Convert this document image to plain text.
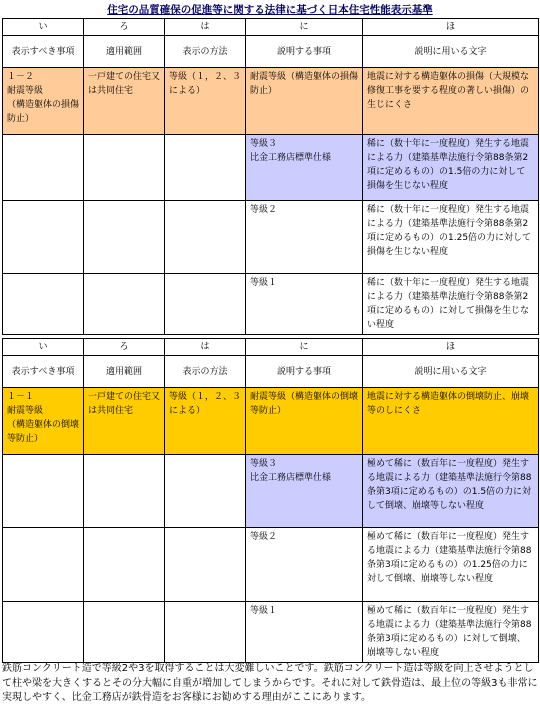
住宅の品質確保の促進等に関する法律に基づく日本住宅性能表示基準
い	ろ	は	に	ほ
表示すべき事項	適用範囲	表示の方法	説明する事項	説明に用いる文字

１－２
耐震等級
（構造躯体の損傷防止）	一戸建ての住宅又は共同住宅	等級（１，２、３による）	耐震等級（構造躯体の損傷防止）	地震に対する構造躯体の損傷（大規模な修復工事を要する程度の著しい損傷）の生じにくさ

			等級３
比金工務店標準仕様	稀に（数十年に一度程度）発生する地震による力（建築基準法施行令第88条第2項に定めるもの）の1.5倍の力に対して損傷を生じない程度

			等級２	稀に（数十年に一度程度）発生する地震による力（建築基準法施行令第88条第2項に定めるもの）の1.25倍の力に対して損傷を生じない程度

			等級１	稀に（数十年に一度程度）発生する地震による力（建築基準法施行令第88条第2項に定めるもの）に対して損傷を生じない程度
い	ろ	は	に	ほ
表示すべき事項	適用範囲	表示の方法	説明する事項	説明に用いる文字

１－１
耐震等級
（構造躯体の倒壊等防止）	一戸建ての住宅又は共同住宅	等級（１，２、３による）	耐震等級（構造躯体の倒壊等防止）	地震に対する構造躯体の倒壊防止、崩壊等のしにくさ

			等級３
比金工務店標準仕様	極めて稀に（数百年に一度程度）発生する地震による力（建築基準法施行令第88条第3項に定めるもの）の1.5倍の力に対して倒壊、崩壊等しない程度

			等級２	極めて稀に（数百年に一度程度）発生する地震による力（建築基準法施行令第88条第3項に定めるもの）の1.25倍の力に対して倒壊、崩壊等しない程度

			等級１	極めて稀に（数百年に一度程度）発生する地震による力（建築基準法施行令第88条第3項に定めるもの）に対して倒壊、崩壊等しない程度
鉄筋コンクリート造で等級2や3を取得することは大変難しいことです。鉄筋コンクリート造は等級を向上させようとして柱や梁を大きくするとその分大幅に自重が増加してしまうからです。それに対して鉄骨造は、最上位の等級3も非常に実現しやすく、比金工務店が鉄骨造をお客様にお勧めする理由がここにあります。
